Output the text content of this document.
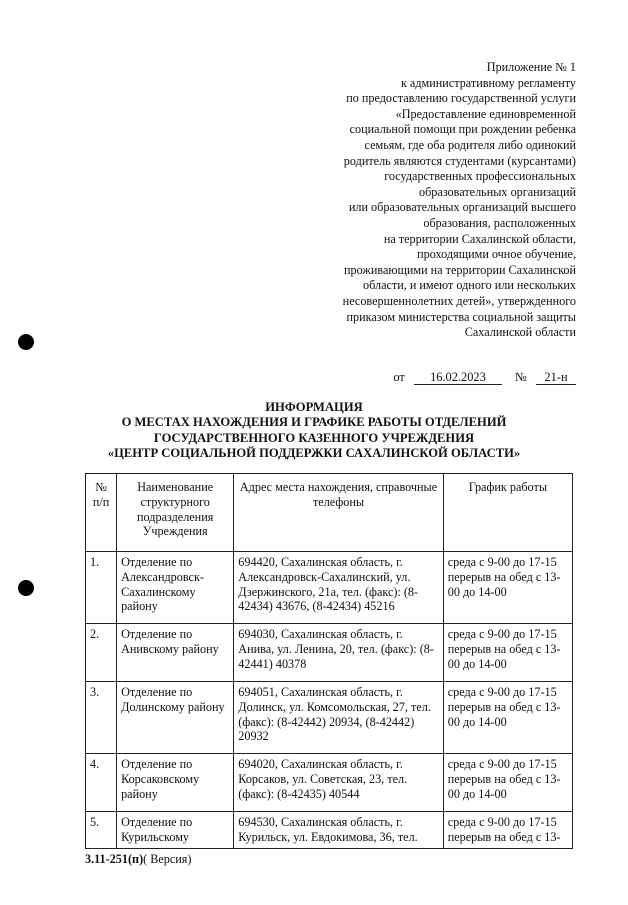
Приложение № 1
к административному регламенту
по предоставлению государственной услуги
«Предоставление единовременной
социальной помощи при рождении ребенка
семьям, где оба родителя либо одинокий
родитель являются студентами (курсантами)
государственных профессиональных
образовательных организаций
или образовательных организаций высшего
образования, расположенных
на территории Сахалинской области,
проходящими очное обучение,
проживающими на территории Сахалинской
области, и имеют одного или нескольких
несовершеннолетних детей», утвержденного
приказом министерства социальной защиты
Сахалинской области
от 16.02.2023 № 21-н
ИНФОРМАЦИЯ
О МЕСТАХ НАХОЖДЕНИЯ И ГРАФИКЕ РАБОТЫ ОТДЕЛЕНИЙ
ГОСУДАРСТВЕННОГО КАЗЕННОГО УЧРЕЖДЕНИЯ
«ЦЕНТР СОЦИАЛЬНОЙ ПОДДЕРЖКИ САХАЛИНСКОЙ ОБЛАСТИ»
№ п/п	Наименование структурного подразделения Учреждения	Адрес места нахождения, справочные телефоны	График работы
1.	Отделение по Александровск-Сахалинскому району	694420, Сахалинская область, г. Александровск-Сахалинский, ул. Дзержинского, 21а, тел. (факс): (8-42434) 43676, (8-42434) 45216	среда с 9-00 до 17-15 перерыв на обед с 13-00 до 14-00
2.	Отделение по Анивскому району	694030, Сахалинская область, г. Анива, ул. Ленина, 20, тел. (факс): (8-42441) 40378	среда с 9-00 до 17-15 перерыв на обед с 13-00 до 14-00
3.	Отделение по Долинскому району	694051, Сахалинская область, г. Долинск, ул. Комсомольская, 27, тел. (факс): (8-42442) 20934, (8-42442) 20932	среда с 9-00 до 17-15 перерыв на обед с 13-00 до 14-00
4.	Отделение по Корсаковскому району	694020, Сахалинская область, г. Корсаков, ул. Советская, 23, тел. (факс): (8-42435) 40544	среда с 9-00 до 17-15 перерыв на обед с 13-00 до 14-00
5.	Отделение по Курильскому	694530, Сахалинская область, г. Курильск, ул. Евдокимова, 36, тел.	среда с 9-00 до 17-15 перерыв на обед с 13-
3.11-251(п)( Версия)
